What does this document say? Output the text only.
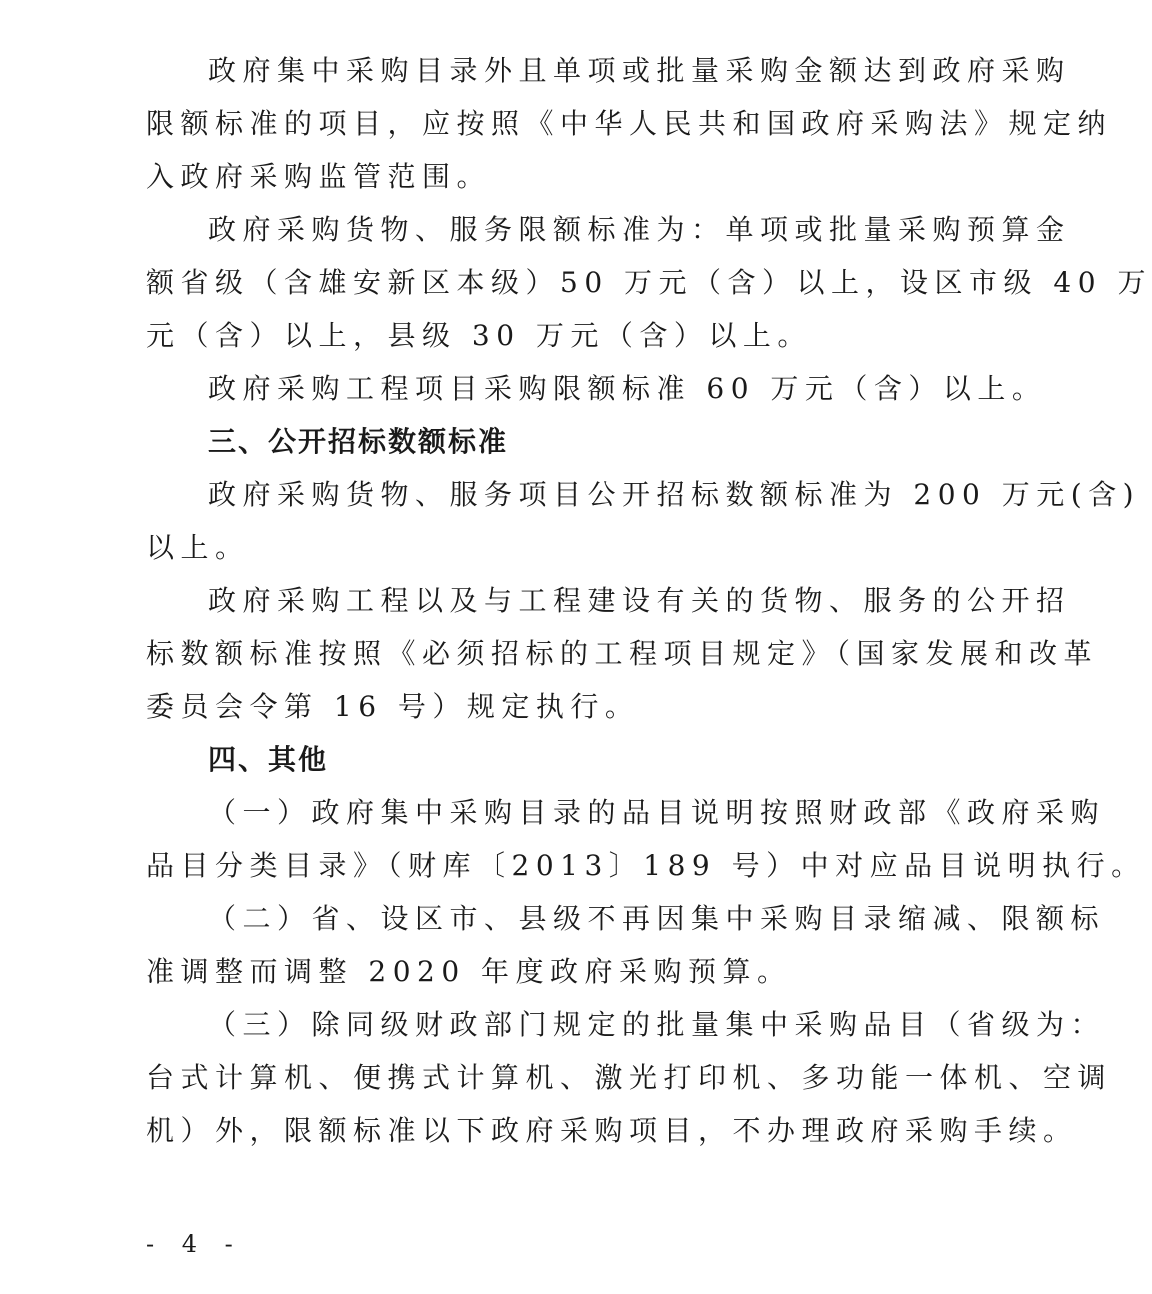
政府集中采购目录外且单项或批量采购金额达到政府采购
限额标准的项目，应按照《中华人民共和国政府采购法》规定纳
入政府采购监管范围。
政府采购货物、服务限额标准为：单项或批量采购预算金
额省级（含雄安新区本级）50 万元（含）以上，设区市级 40 万
元（含）以上，县级 30 万元（含）以上。
政府采购工程项目采购限额标准 60 万元（含）以上。
三、公开招标数额标准
政府采购货物、服务项目公开招标数额标准为 200 万元(含)
以上。
政府采购工程以及与工程建设有关的货物、服务的公开招
标数额标准按照《必须招标的工程项目规定》（国家发展和改革
委员会令第 16 号）规定执行。
四、其他
（一）政府集中采购目录的品目说明按照财政部《政府采购
品目分类目录》（财库〔2013〕189 号）中对应品目说明执行。
（二）省、设区市、县级不再因集中采购目录缩减、限额标
准调整而调整 2020 年度政府采购预算。
（三）除同级财政部门规定的批量集中采购品目（省级为：
台式计算机、便携式计算机、激光打印机、多功能一体机、空调
机）外，限额标准以下政府采购项目，不办理政府采购手续。
- 4 -
